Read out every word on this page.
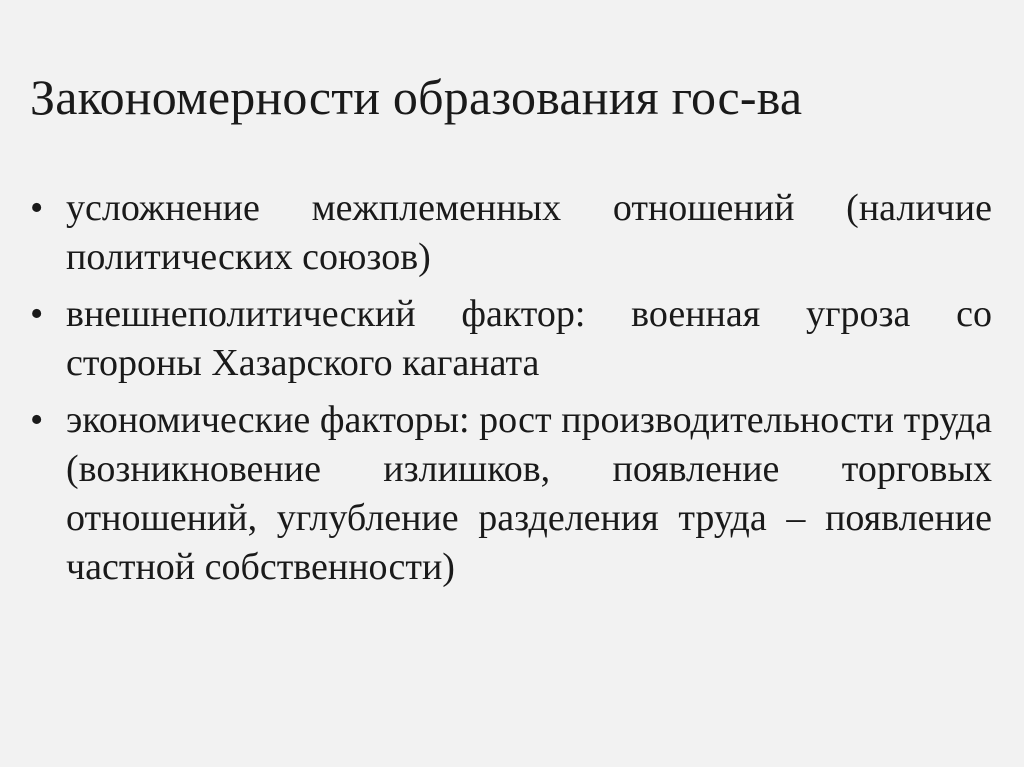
Закономерности образования гос-ва
• усложнение межплеменных отношений (наличие политических союзов)
• внешнеполитический фактор: военная угроза со стороны Хазарского каганата
• экономические факторы: рост производительности труда (возникновение излишков, появление торговых отношений, углубление разделения труда – появление частной собственности)
